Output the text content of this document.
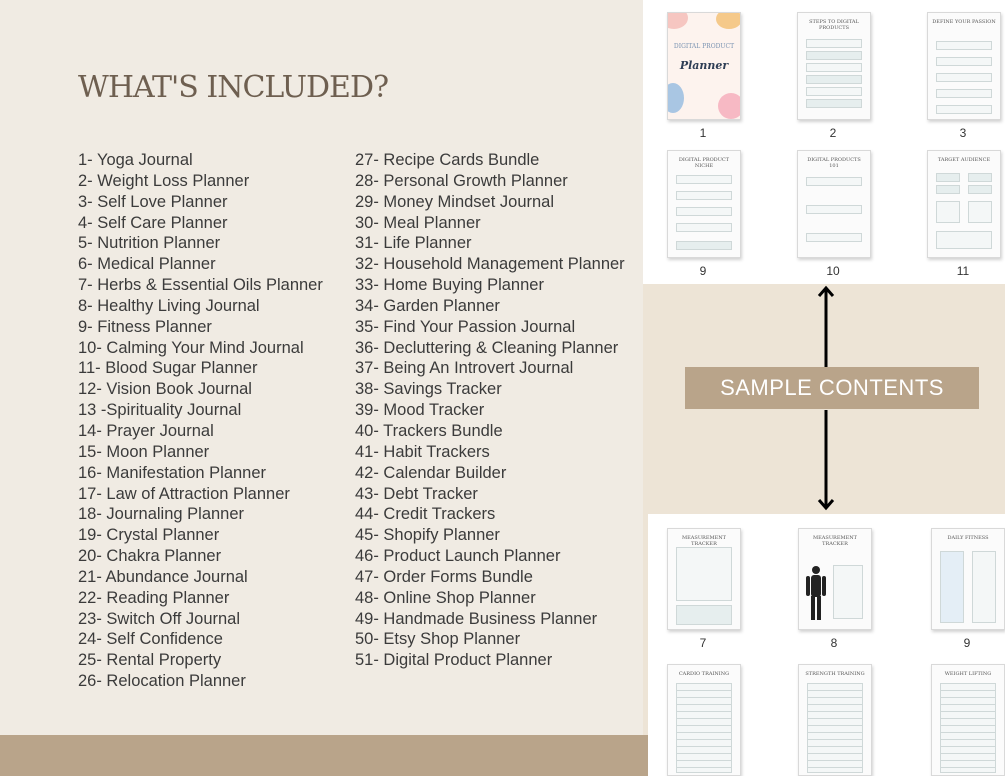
WHAT'S INCLUDED?
1- Yoga Journal
2- Weight Loss Planner
3- Self Love Planner
4- Self Care Planner
5- Nutrition Planner
6- Medical Planner
7- Herbs & Essential Oils Planner
8- Healthy Living Journal
9- Fitness Planner
10- Calming Your Mind Journal
11- Blood Sugar Planner
12- Vision Book Journal
13 -Spirituality Journal
14- Prayer Journal
15- Moon Planner
16- Manifestation Planner
17- Law of Attraction Planner
18- Journaling Planner
19- Crystal Planner
20- Chakra Planner
21- Abundance Journal
22- Reading Planner
23- Switch Off Journal
24- Self Confidence
25- Rental Property
26- Relocation Planner
27- Recipe Cards Bundle
28- Personal Growth Planner
29- Money Mindset Journal
30- Meal Planner
31- Life Planner
32- Household Management Planner
33- Home Buying Planner
34- Garden Planner
35- Find Your Passion Journal
36- Decluttering & Cleaning Planner
37- Being An Introvert Journal
38- Savings Tracker
39- Mood Tracker
40- Trackers Bundle
41- Habit Trackers
42- Calendar Builder
43- Debt Tracker
44- Credit Trackers
45- Shopify Planner
46- Product Launch Planner
47- Order Forms Bundle
48- Online Shop Planner
49- Handmade Business Planner
50- Etsy Shop Planner
51- Digital Product Planner
DIGITAL PRODUCT
Planner
STEPS TO DIGITAL PRODUCTS
DEFINE YOUR PASSION
DIGITAL PRODUCT NICHE
DIGITAL PRODUCTS 101
TARGET AUDIENCE
1	2	3
9	10	11
SAMPLE CONTENTS
MEASUREMENT TRACKER
MEASUREMENT TRACKER
DAILY FITNESS
7	8	9
CARDIO TRAINING	STRENGTH TRAINING	WEIGHT LIFTING
